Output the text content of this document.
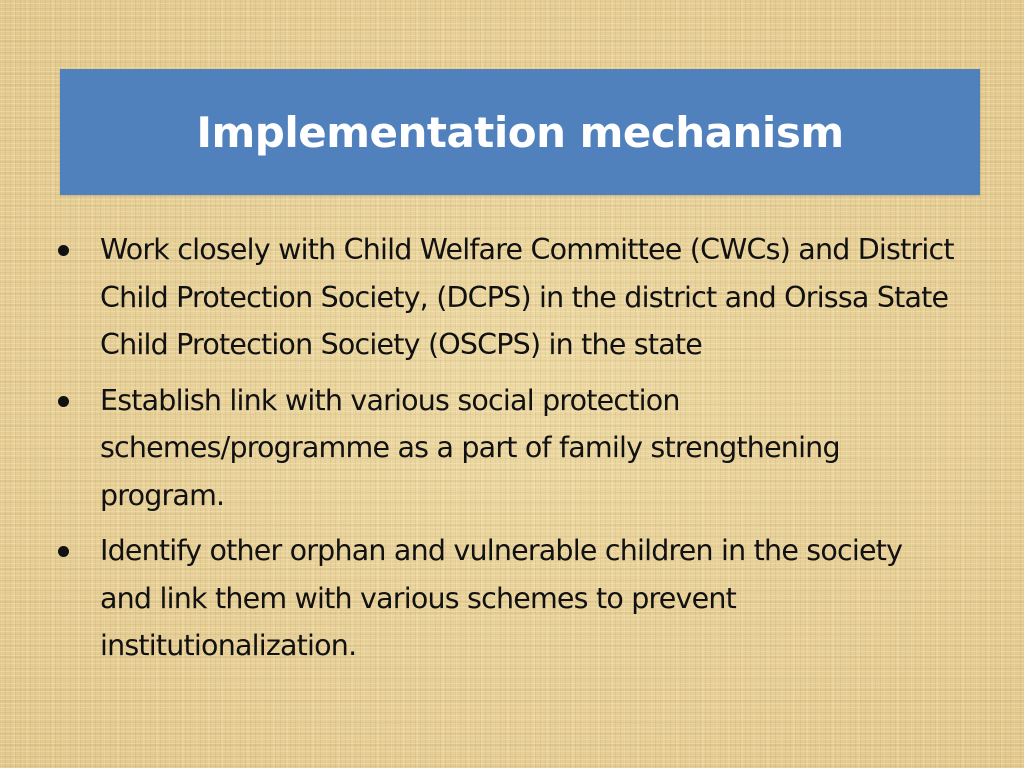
Implementation mechanism
Work closely with Child Welfare Committee (CWCs) and District Child Protection Society, (DCPS) in the district and Orissa State Child Protection Society (OSCPS) in the state
Establish link with various social protection schemes/programme as a part of family strengthening program.
Identify other orphan and vulnerable children in the society and link them with various schemes to prevent institutionalization.
